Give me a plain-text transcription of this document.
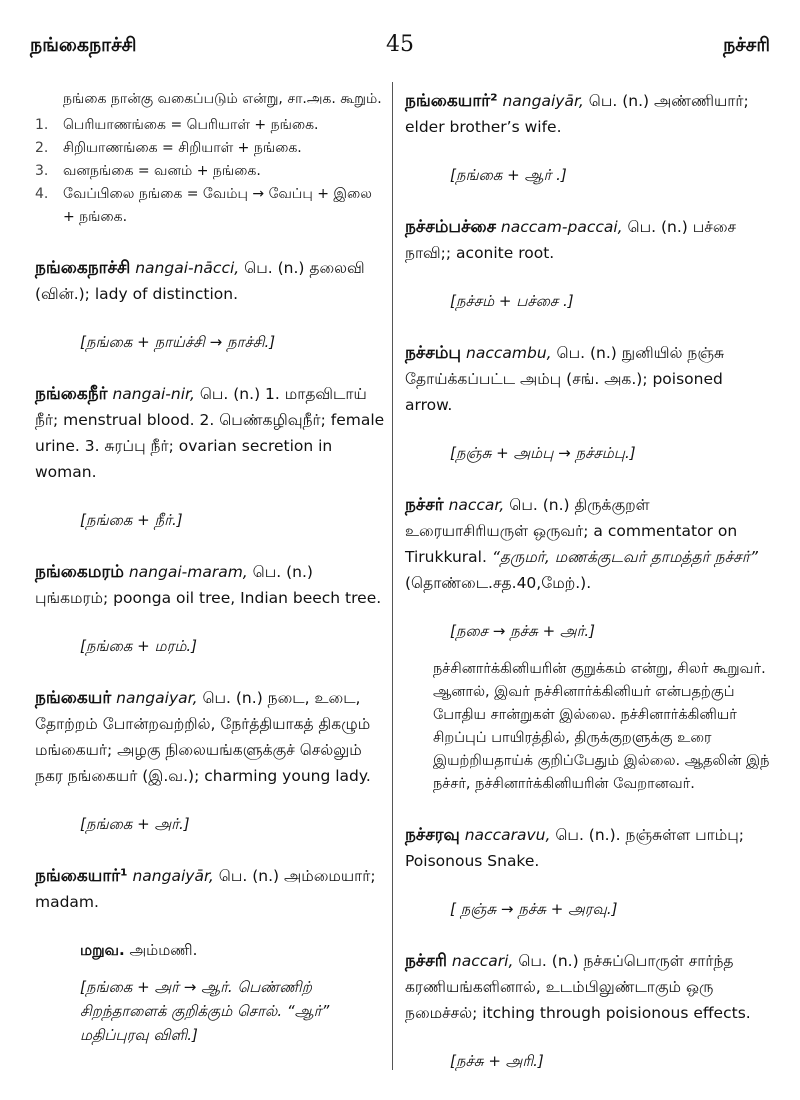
நங்கைநாச்சி	45	நச்சரி
நங்கை நான்கு வகைப்படும் என்று, சா.அக. கூறும்.
1.	பெரியாணங்கை = பெரியாள் + நங்கை.
2.	சிறியாணங்கை = சிறியாள் + நங்கை.
3.	வனநங்கை = வனம் + நங்கை.
4.	வேப்பிலை நங்கை = வேம்பு → வேப்பு + இலை + நங்கை.
நங்கைநாச்சி nangai-nācci, பெ. (n.) தலைவி (வின்.); lady of distinction.
[நங்கை + நாய்ச்சி → நாச்சி.]
நங்கைநீர் nangai-nir, பெ. (n.) 1. மாதவிடாய் நீர்; menstrual blood. 2. பெண்கழிவுநீர்; female urine. 3. சுரப்பு நீர்; ovarian secretion in woman.
[நங்கை + நீர்.]
நங்கைமரம் nangai-maram, பெ. (n.) புங்கமரம்; poonga oil tree, Indian beech tree.
[நங்கை + மரம்.]
நங்கையர் nangaiyar, பெ. (n.) நடை, உடை, தோற்றம் போன்றவற்றில், நேர்த்தியாகத் திகழும் மங்கையர்; அழகு நிலையங்களுக்குச் செல்லும் நகர நங்கையர் (இ.வ.); charming young lady.
[நங்கை + அர்.]
நங்கையார்¹ nangaiyār, பெ. (n.) அம்மையார்; madam.
மறுவ. அம்மணி.
[நங்கை + அர் → ஆர். பெண்ணிற் சிறந்தாளைக் குறிக்கும் சொல். “ஆர்” மதிப்புரவு விளி.]
நங்கையார்² nangaiyār, பெ. (n.) அண்ணியார்; elder brother’s wife.
[நங்கை + ஆர் .]
நச்சம்பச்சை naccam-paccai, பெ. (n.) பச்சை நாவி;; aconite root.
[நச்சம் + பச்சை .]
நச்சம்பு naccambu, பெ. (n.) நுனியில் நஞ்சு தோய்க்கப்பட்ட அம்பு (சங். அக.); poisoned arrow.
[நஞ்சு + அம்பு → நச்சம்பு.]
நச்சர் naccar, பெ. (n.) திருக்குறள் உரையாசிரியருள் ஒருவர்; a commentator on Tirukkural. “தருமர், மணக்குடவர் தாமத்தர் நச்சர்” (தொண்டை.சத.40,மேற்.).
[நசை → நச்சு + அர்.]
நச்சினார்க்கினியரின் குறுக்கம் என்று, சிலர் கூறுவர். ஆனால், இவர் நச்சினார்க்கினியர் என்பதற்குப் போதிய சான்றுகள் இல்லை. நச்சினார்க்கினியர் சிறப்புப் பாயிரத்தில், திருக்குறளுக்கு உரை இயற்றியதாய்க் குறிப்பேதும் இல்லை. ஆதலின் இந் நச்சர், நச்சினார்க்கினியரின் வேறானவர்.
நச்சரவு naccaravu, பெ. (n.). நஞ்சுள்ள பாம்பு; Poisonous Snake.
[ நஞ்சு → நச்சு + அரவு.]
நச்சரி naccari, பெ. (n.) நச்சுப்பொருள் சார்ந்த கரணியங்களினால், உடம்பிலுண்டாகும் ஒரு நமைச்சல்; itching through poisionous effects.
[நச்சு + அரி.]
